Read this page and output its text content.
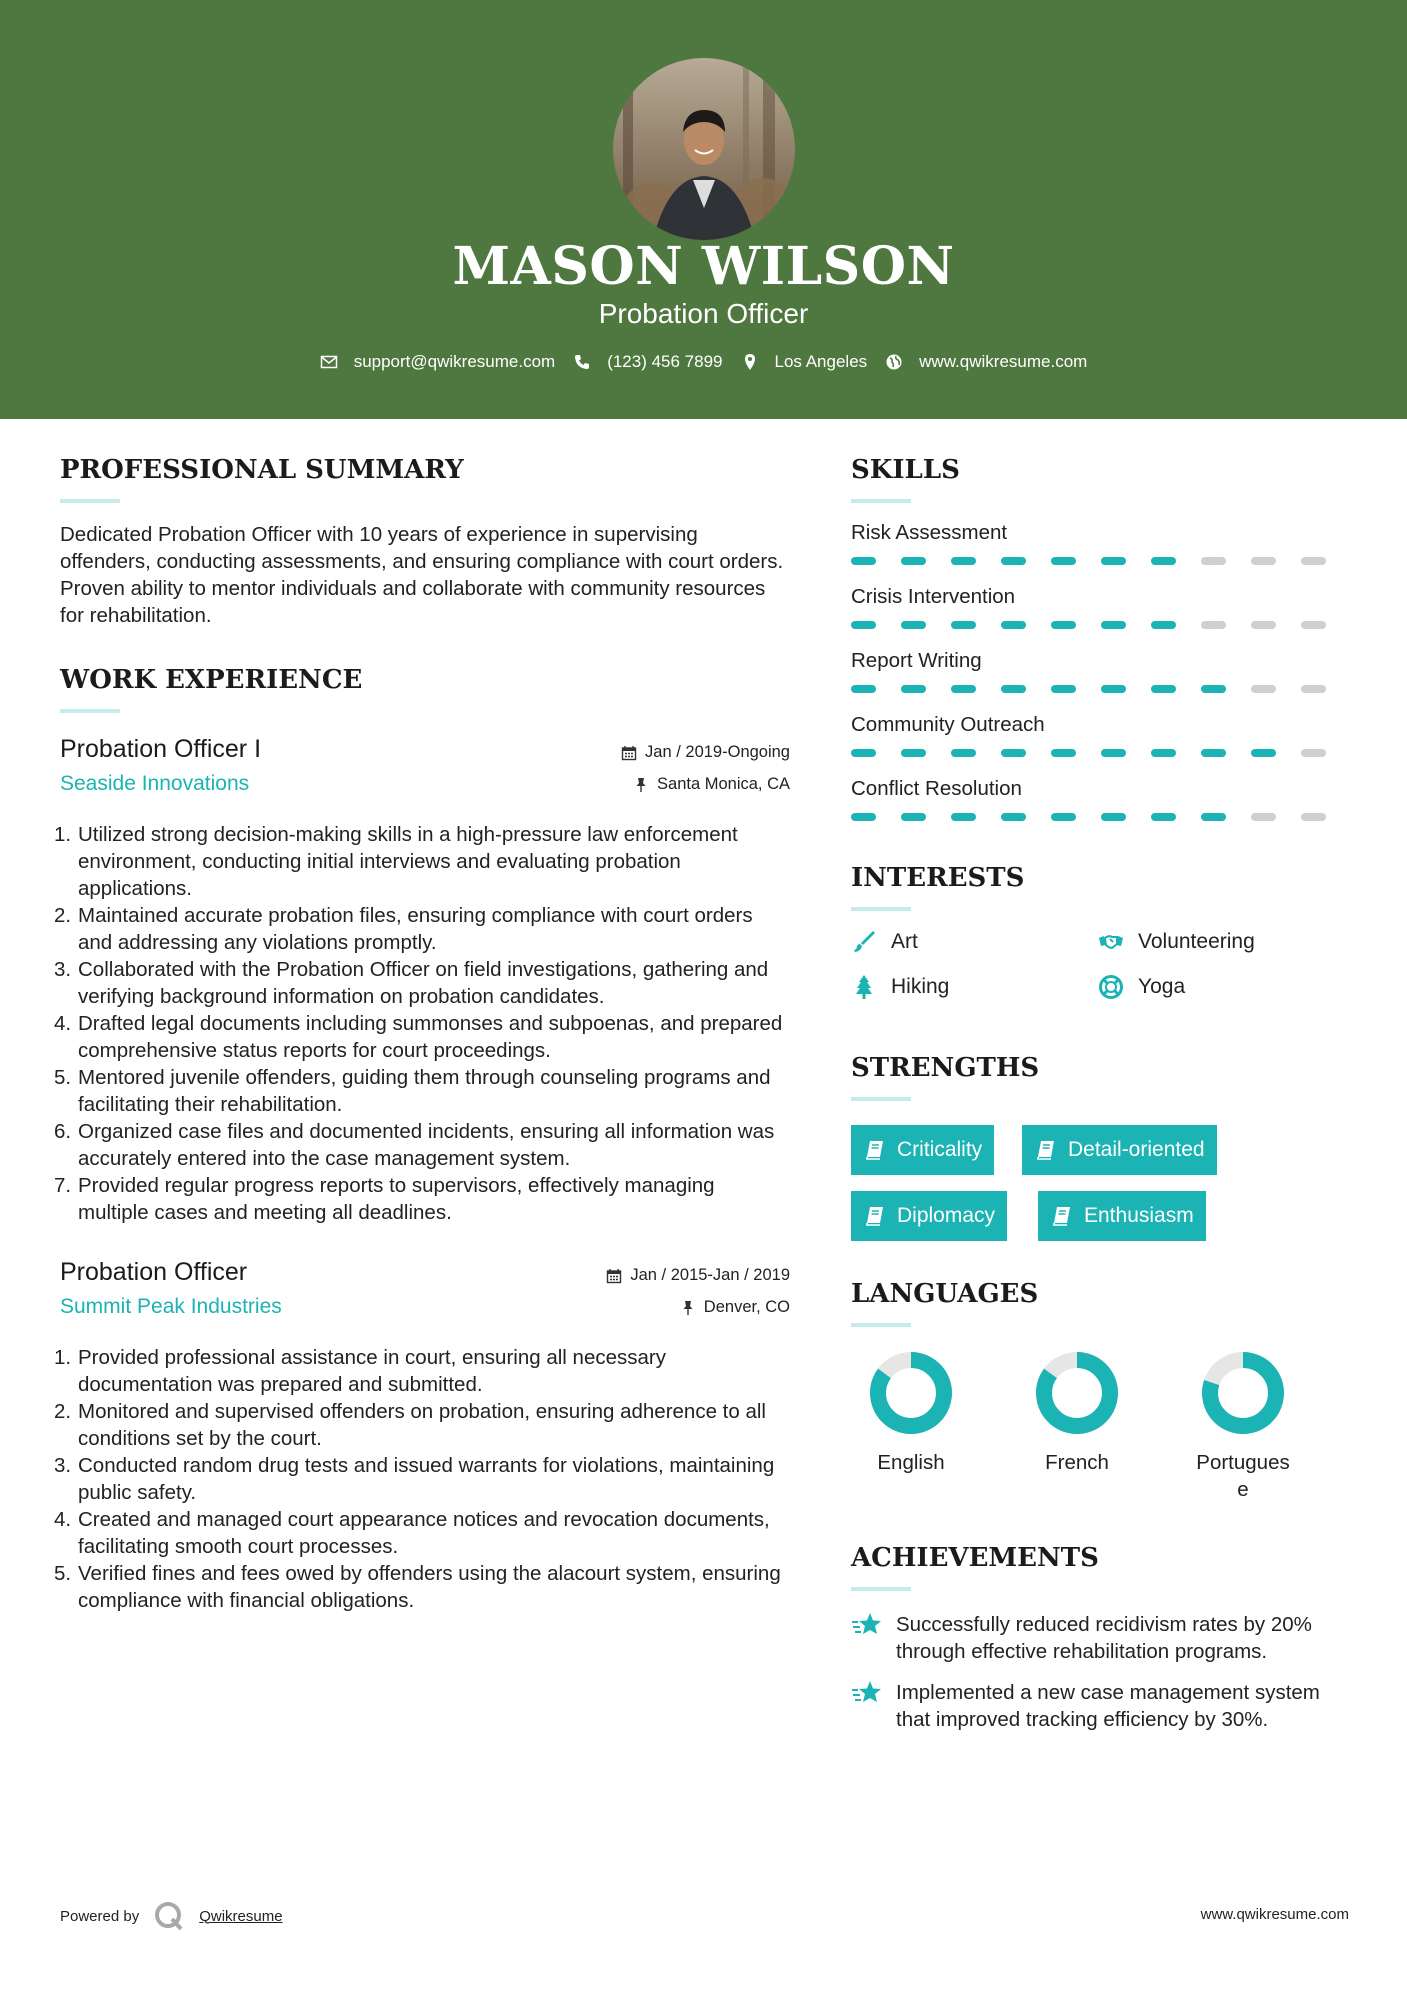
MASON WILSON
Probation Officer
support@qwikresume.com	(123) 456 7899	Los Angeles	www.qwikresume.com
PROFESSIONAL SUMMARY
Dedicated Probation Officer with 10 years of experience in supervising offenders, conducting assessments, and ensuring compliance with court orders. Proven ability to mentor individuals and collaborate with community resources for rehabilitation.
WORK EXPERIENCE
Probation Officer I
Seaside Innovations
Jan / 2019-Ongoing
Santa Monica, CA
1. Utilized strong decision-making skills in a high-pressure law enforcement environment, conducting initial interviews and evaluating probation applications.
2. Maintained accurate probation files, ensuring compliance with court orders and addressing any violations promptly.
3. Collaborated with the Probation Officer on field investigations, gathering and verifying background information on probation candidates.
4. Drafted legal documents including summonses and subpoenas, and prepared comprehensive status reports for court proceedings.
5. Mentored juvenile offenders, guiding them through counseling programs and facilitating their rehabilitation.
6. Organized case files and documented incidents, ensuring all information was accurately entered into the case management system.
7. Provided regular progress reports to supervisors, effectively managing multiple cases and meeting all deadlines.
Probation Officer
Summit Peak Industries
Jan / 2015-Jan / 2019
Denver, CO
1. Provided professional assistance in court, ensuring all necessary documentation was prepared and submitted.
2. Monitored and supervised offenders on probation, ensuring adherence to all conditions set by the court.
3. Conducted random drug tests and issued warrants for violations, maintaining public safety.
4. Created and managed court appearance notices and revocation documents, facilitating smooth court processes.
5. Verified fines and fees owed by offenders using the alacourt system, ensuring compliance with financial obligations.
SKILLS
Risk Assessment
Crisis Intervention
Report Writing
Community Outreach
Conflict Resolution
INTERESTS
Art	Volunteering
Hiking	Yoga
STRENGTHS
Criticality	Detail-oriented
Diplomacy	Enthusiasm
LANGUAGES
English	French	Portugues
e
ACHIEVEMENTS
Successfully reduced recidivism rates by 20% through effective rehabilitation programs.
Implemented a new case management system that improved tracking efficiency by 30%.
Powered by	Qwikresume	www.qwikresume.com
